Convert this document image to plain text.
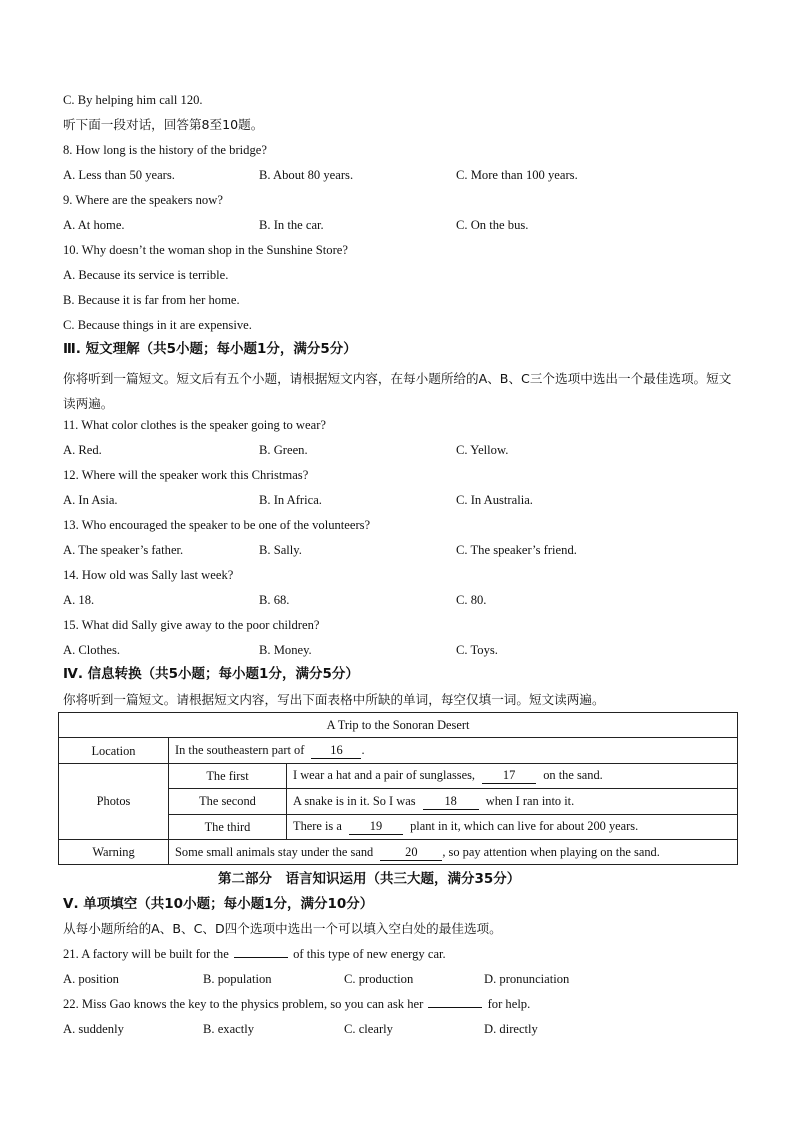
C. By helping him call 120.
听下面一段对话，回答第8至10题。
8. How long is the history of the bridge?
A. Less than 50 years.	B. About 80 years.	C. More than 100 years.
9. Where are the speakers now?
A. At home.	B. In the car.	C. On the bus.
10. Why doesn’t the woman shop in the Sunshine Store?
A. Because its service is terrible.
B. Because it is far from her home.
C. Because things in it are expensive.
Ⅲ. 短文理解（共5小题；每小题1分，满分5分）
你将听到一篇短文。短文后有五个小题，请根据短文内容，在每小题所给的A、B、C三个选项中选出一个最佳选项。短文读两遍。
11. What color clothes is the speaker going to wear?
A. Red.	B. Green.	C. Yellow.
12. Where will the speaker work this Christmas?
A. In Asia.	B. In Africa.	C. In Australia.
13. Who encouraged the speaker to be one of the volunteers?
A. The speaker’s father.	B. Sally.	C. The speaker’s friend.
14. How old was Sally last week?
A. 18.	B. 68.	C. 80.
15. What did Sally give away to the poor children?
A. Clothes.	B. Money.	C. Toys.
Ⅳ. 信息转换（共5小题；每小题1分，满分5分）
你将听到一篇短文。请根据短文内容，写出下面表格中所缺的单词，每空仅填一词。短文读两遍。
A Trip to the Sonoran Desert		
Location	In the southeastern part of 16 .	
Photos	The first	I wear a hat and a pair of sunglasses, 17 on the sand.
	The second	A snake is in it. So I was 18 when I ran into it.
	The third	There is a 19 plant in it, which can live for about 200 years.
Warning	Some small animals stay under the sand 20 , so pay attention when playing on the sand.	
第二部分　语言知识运用（共三大题，满分35分）
Ⅴ. 单项填空（共10小题；每小题1分，满分10分）
从每小题所给的A、B、C、D四个选项中选出一个可以填入空白处的最佳选项。
21. A factory will be built for the	of this type of new energy car.
A. position	B. population	C. production	D. pronunciation
22. Miss Gao knows the key to the physics problem, so you can ask her	for help.
A. suddenly	B. exactly	C. clearly	D. directly
